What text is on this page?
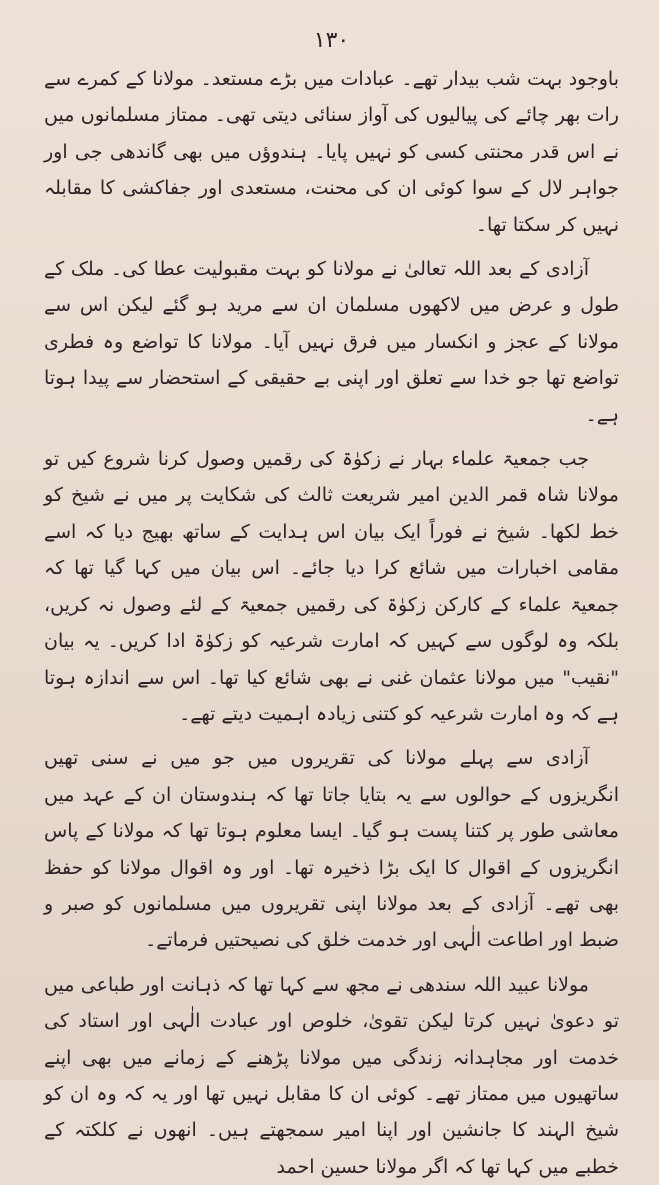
١٣٠

باوجود بہت شب بیدار تھے۔ عبادات میں بڑے مستعد۔ مولانا کے کمرے سے رات بھر چائے کی پیالیوں کی آواز سنائی دیتی تھی۔ ممتاز مسلمانوں میں نے اس قدر محنتی کسی کو نہیں پایا۔ ہندوؤں میں بھی گاندھی جی اور جواہر لال کے سوا کوئی ان کی محنت، مستعدی اور جفاکشی کا مقابلہ نہیں کر سکتا تھا۔

آزادی کے بعد اللہ تعالیٰ نے مولانا کو بہت مقبولیت عطا کی۔ ملک کے طول و عرض میں لاکھوں مسلمان ان سے مرید ہو گئے لیکن اس سے مولانا کے عجز و انکسار میں فرق نہیں آیا۔ مولانا کا تواضع وہ فطری تواضع تھا جو خدا سے تعلق اور اپنی بے حقیقی کے استحضار سے پیدا ہوتا ہے۔

جب جمعیۃ علماء بہار نے زکوٰۃ کی رقمیں وصول کرنا شروع کیں تو مولانا شاہ قمر الدین امیر شریعت ثالث کی شکایت پر میں نے شیخ کو خط لکھا۔ شیخ نے فوراً ایک بیان اس ہدایت کے ساتھ بھیج دیا کہ اسے مقامی اخبارات میں شائع کرا دیا جائے۔ اس بیان میں کہا گیا تھا کہ جمعیۃ علماء کے کارکن زکوٰۃ کی رقمیں جمعیۃ کے لئے وصول نہ کریں، بلکہ وہ لوگوں سے کہیں کہ امارت شرعیہ کو زکوٰۃ ادا کریں۔ یہ بیان "نقیب" میں مولانا عثمان غنی نے بھی شائع کیا تھا۔ اس سے اندازہ ہوتا ہے کہ وہ امارت شرعیہ کو کتنی زیادہ اہمیت دیتے تھے۔

آزادی سے پہلے مولانا کی تقریروں میں جو میں نے سنی تھیں انگریزوں کے حوالوں سے یہ بتایا جاتا تھا کہ ہندوستان ان کے عہد میں معاشی طور پر کتنا پست ہو گیا۔ ایسا معلوم ہوتا تھا کہ مولانا کے پاس انگریزوں کے اقوال کا ایک بڑا ذخیرہ تھا۔ اور وہ اقوال مولانا کو حفظ بھی تھے۔ آزادی کے بعد مولانا اپنی تقریروں میں مسلمانوں کو صبر و ضبط اور اطاعت الٰہی اور خدمت خلق کی نصیحتیں فرماتے۔

مولانا عبید اللہ سندھی نے مجھ سے کہا تھا کہ ذہانت اور طباعی میں تو دعویٰ نہیں کرتا لیکن تقویٰ، خلوص اور عبادت الٰہی اور استاد کی خدمت اور مجاہدانہ زندگی میں مولانا پڑھنے کے زمانے میں بھی اپنے ساتھیوں میں ممتاز تھے۔ کوئی ان کا مقابل نہیں تھا اور یہ کہ وہ ان کو شیخ الہند کا جانشین اور اپنا امیر سمجھتے ہیں۔ انھوں نے کلکتہ کے خطبے میں کہا تھا کہ اگر مولانا حسین احمد
